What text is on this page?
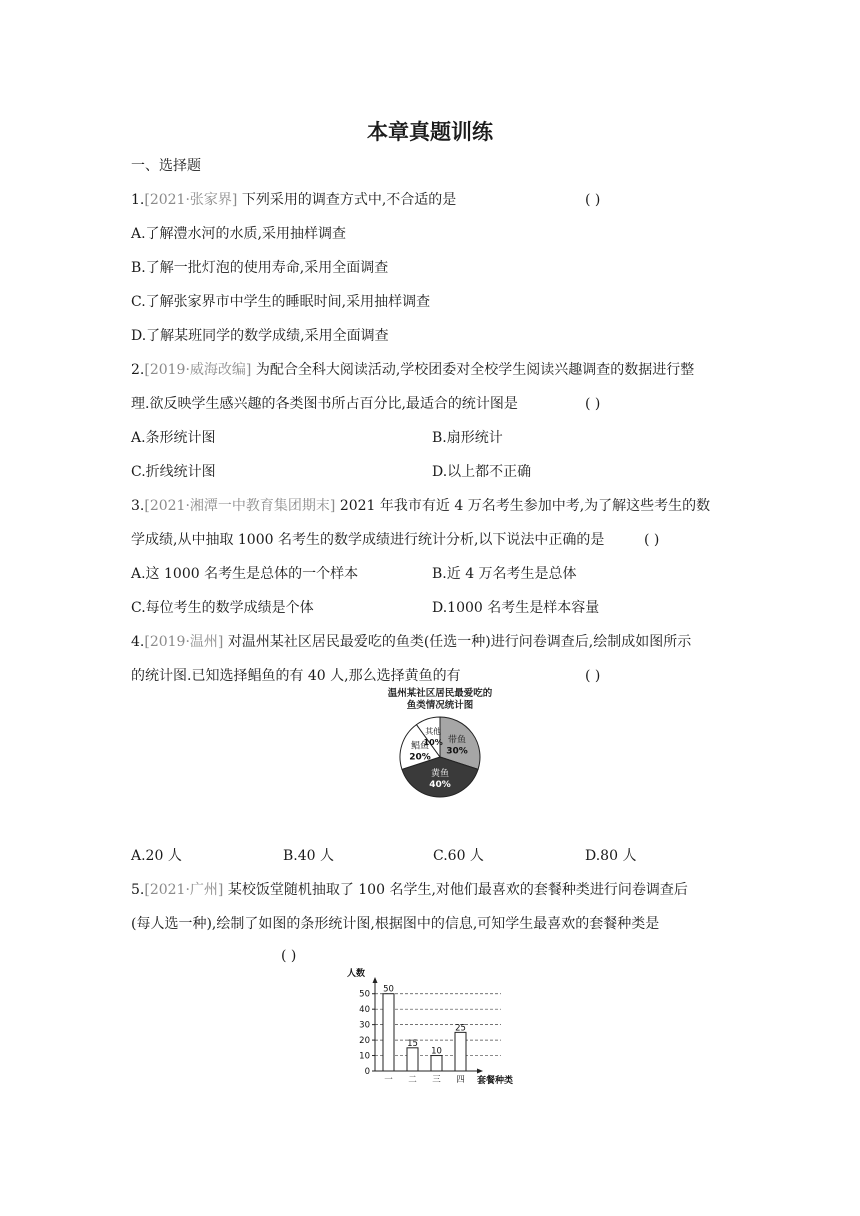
本章真题训练
一、选择题
1.[2021·张家界] 下列采用的调查方式中,不合适的是	( )
A.了解澧水河的水质,采用抽样调查
B.了解一批灯泡的使用寿命,采用全面调查
C.了解张家界市中学生的睡眠时间,采用抽样调查
D.了解某班同学的数学成绩,采用全面调查
2.[2019·威海改编] 为配合全科大阅读活动,学校团委对全校学生阅读兴趣调查的数据进行整
理.欲反映学生感兴趣的各类图书所占百分比,最适合的统计图是	( )
A.条形统计图	B.扇形统计
C.折线统计图	D.以上都不正确
3.[2021·湘潭一中教育集团期末] 2021 年我市有近 4 万名考生参加中考,为了解这些考生的数
学成绩,从中抽取 1000 名考生的数学成绩进行统计分析,以下说法中正确的是	( )
A.这 1000 名考生是总体的一个样本	B.近 4 万名考生是总体
C.每位考生的数学成绩是个体	D.1000 名考生是样本容量
4.[2019·温州] 对温州某社区居民最爱吃的鱼类(任选一种)进行问卷调查后,绘制成如图所示
的统计图.已知选择鲳鱼的有 40 人,那么选择黄鱼的有	( )
温州某社区居民最爱吃的
鱼类情况统计图
带鱼
30%
黄鱼
40%
鲳鱼
20%
其他
10%
A.20 人	B.40 人	C.60 人	D.80 人
5.[2021·广州] 某校饭堂随机抽取了 100 名学生,对他们最喜欢的套餐种类进行问卷调查后
(每人选一种),绘制了如图的条形统计图,根据图中的信息,可知学生最喜欢的套餐种类是
( )
人数
0
10
20
30
40
50 50
一
15
二
10
三
25
四 套餐种类
